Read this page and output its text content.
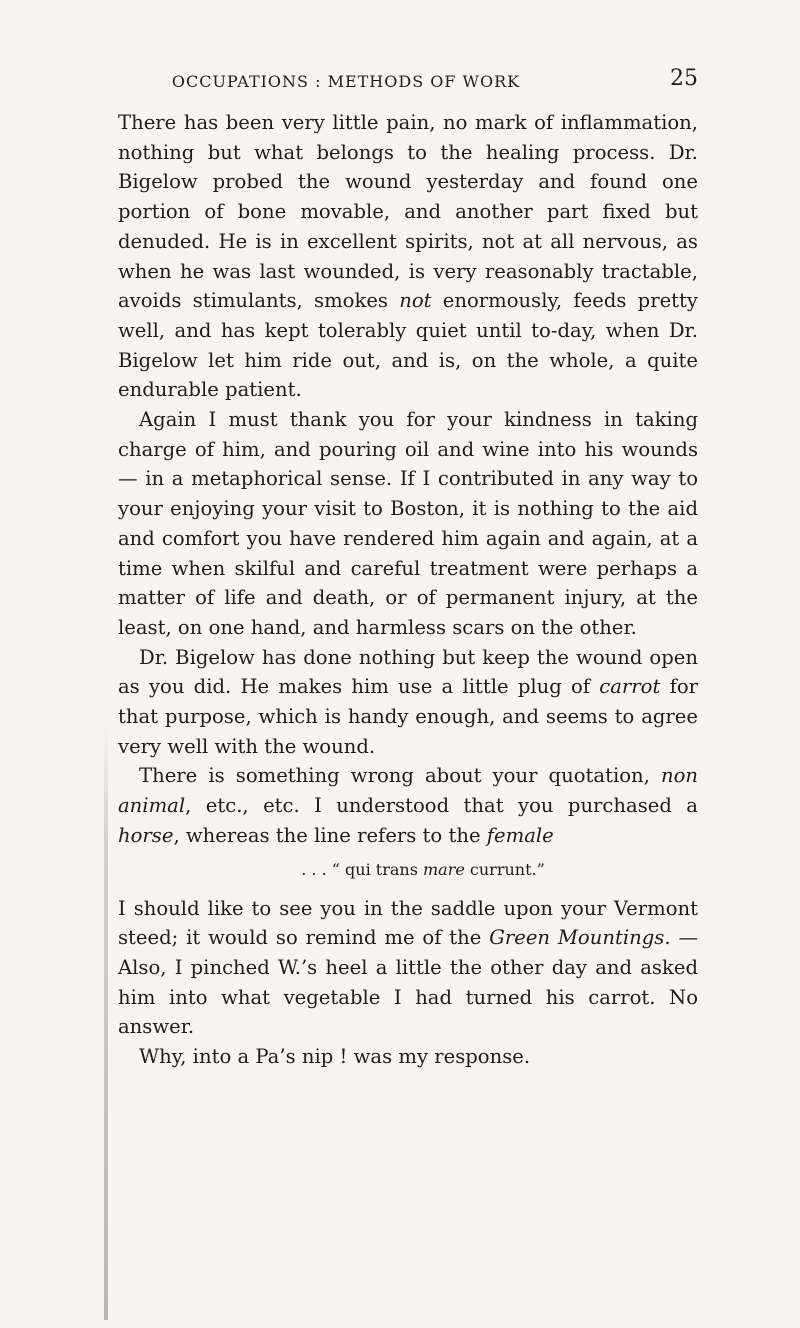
OCCUPATIONS : METHODS OF WORK	25

There has been very little pain, no mark of inflammation, nothing but what belongs to the healing process. Dr. Bigelow probed the wound yesterday and found one portion of bone movable, and another part fixed but denuded. He is in excellent spirits, not at all nervous, as when he was last wounded, is very reasonably tractable, avoids stimulants, smokes not enormously, feeds pretty well, and has kept tolerably quiet until to-day, when Dr. Bigelow let him ride out, and is, on the whole, a quite endurable patient.

Again I must thank you for your kindness in taking charge of him, and pouring oil and wine into his wounds — in a metaphorical sense. If I contributed in any way to your enjoying your visit to Boston, it is nothing to the aid and comfort you have rendered him again and again, at a time when skilful and careful treatment were perhaps a matter of life and death, or of permanent injury, at the least, on one hand, and harmless scars on the other.

Dr. Bigelow has done nothing but keep the wound open as you did. He makes him use a little plug of carrot for that purpose, which is handy enough, and seems to agree very well with the wound.

There is something wrong about your quotation, non animal, etc., etc. I understood that you purchased a horse, whereas the line refers to the female

. . . “ qui trans mare currunt.”

I should like to see you in the saddle upon your Vermont steed; it would so remind me of the Green Mountings. — Also, I pinched W.’s heel a little the other day and asked him into what vegetable I had turned his carrot. No answer.

Why, into a Pa’s nip ! was my response.
